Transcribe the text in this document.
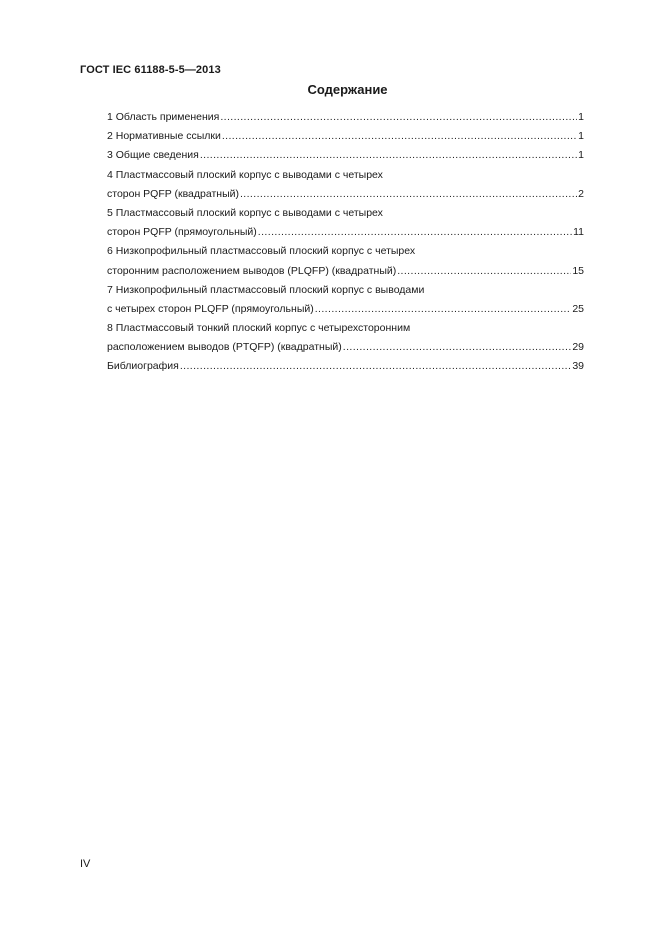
ГОСТ IEC 61188-5-5—2013
Содержание
1 Область применения .....	1
2 Нормативные ссылки .....	1
3 Общие сведения .....	1
4 Пластмассовый плоский корпус с выводами с четырех
сторон PQFP (квадратный) .....	2
5 Пластмассовый плоский корпус с выводами с четырех
сторон PQFP (прямоугольный) .....	11
6 Низкопрофильный пластмассовый плоский корпус с четырех
сторонним расположением выводов (PLQFP) (квадратный) .....	15
7 Низкопрофильный пластмассовый плоский корпус с выводами
с четырех сторон PLQFP (прямоугольный) .....	25
8 Пластмассовый тонкий плоский корпус с четырехсторонним
расположением выводов (PTQFP) (квадратный) .....	29
Библиография .....	39
IV
